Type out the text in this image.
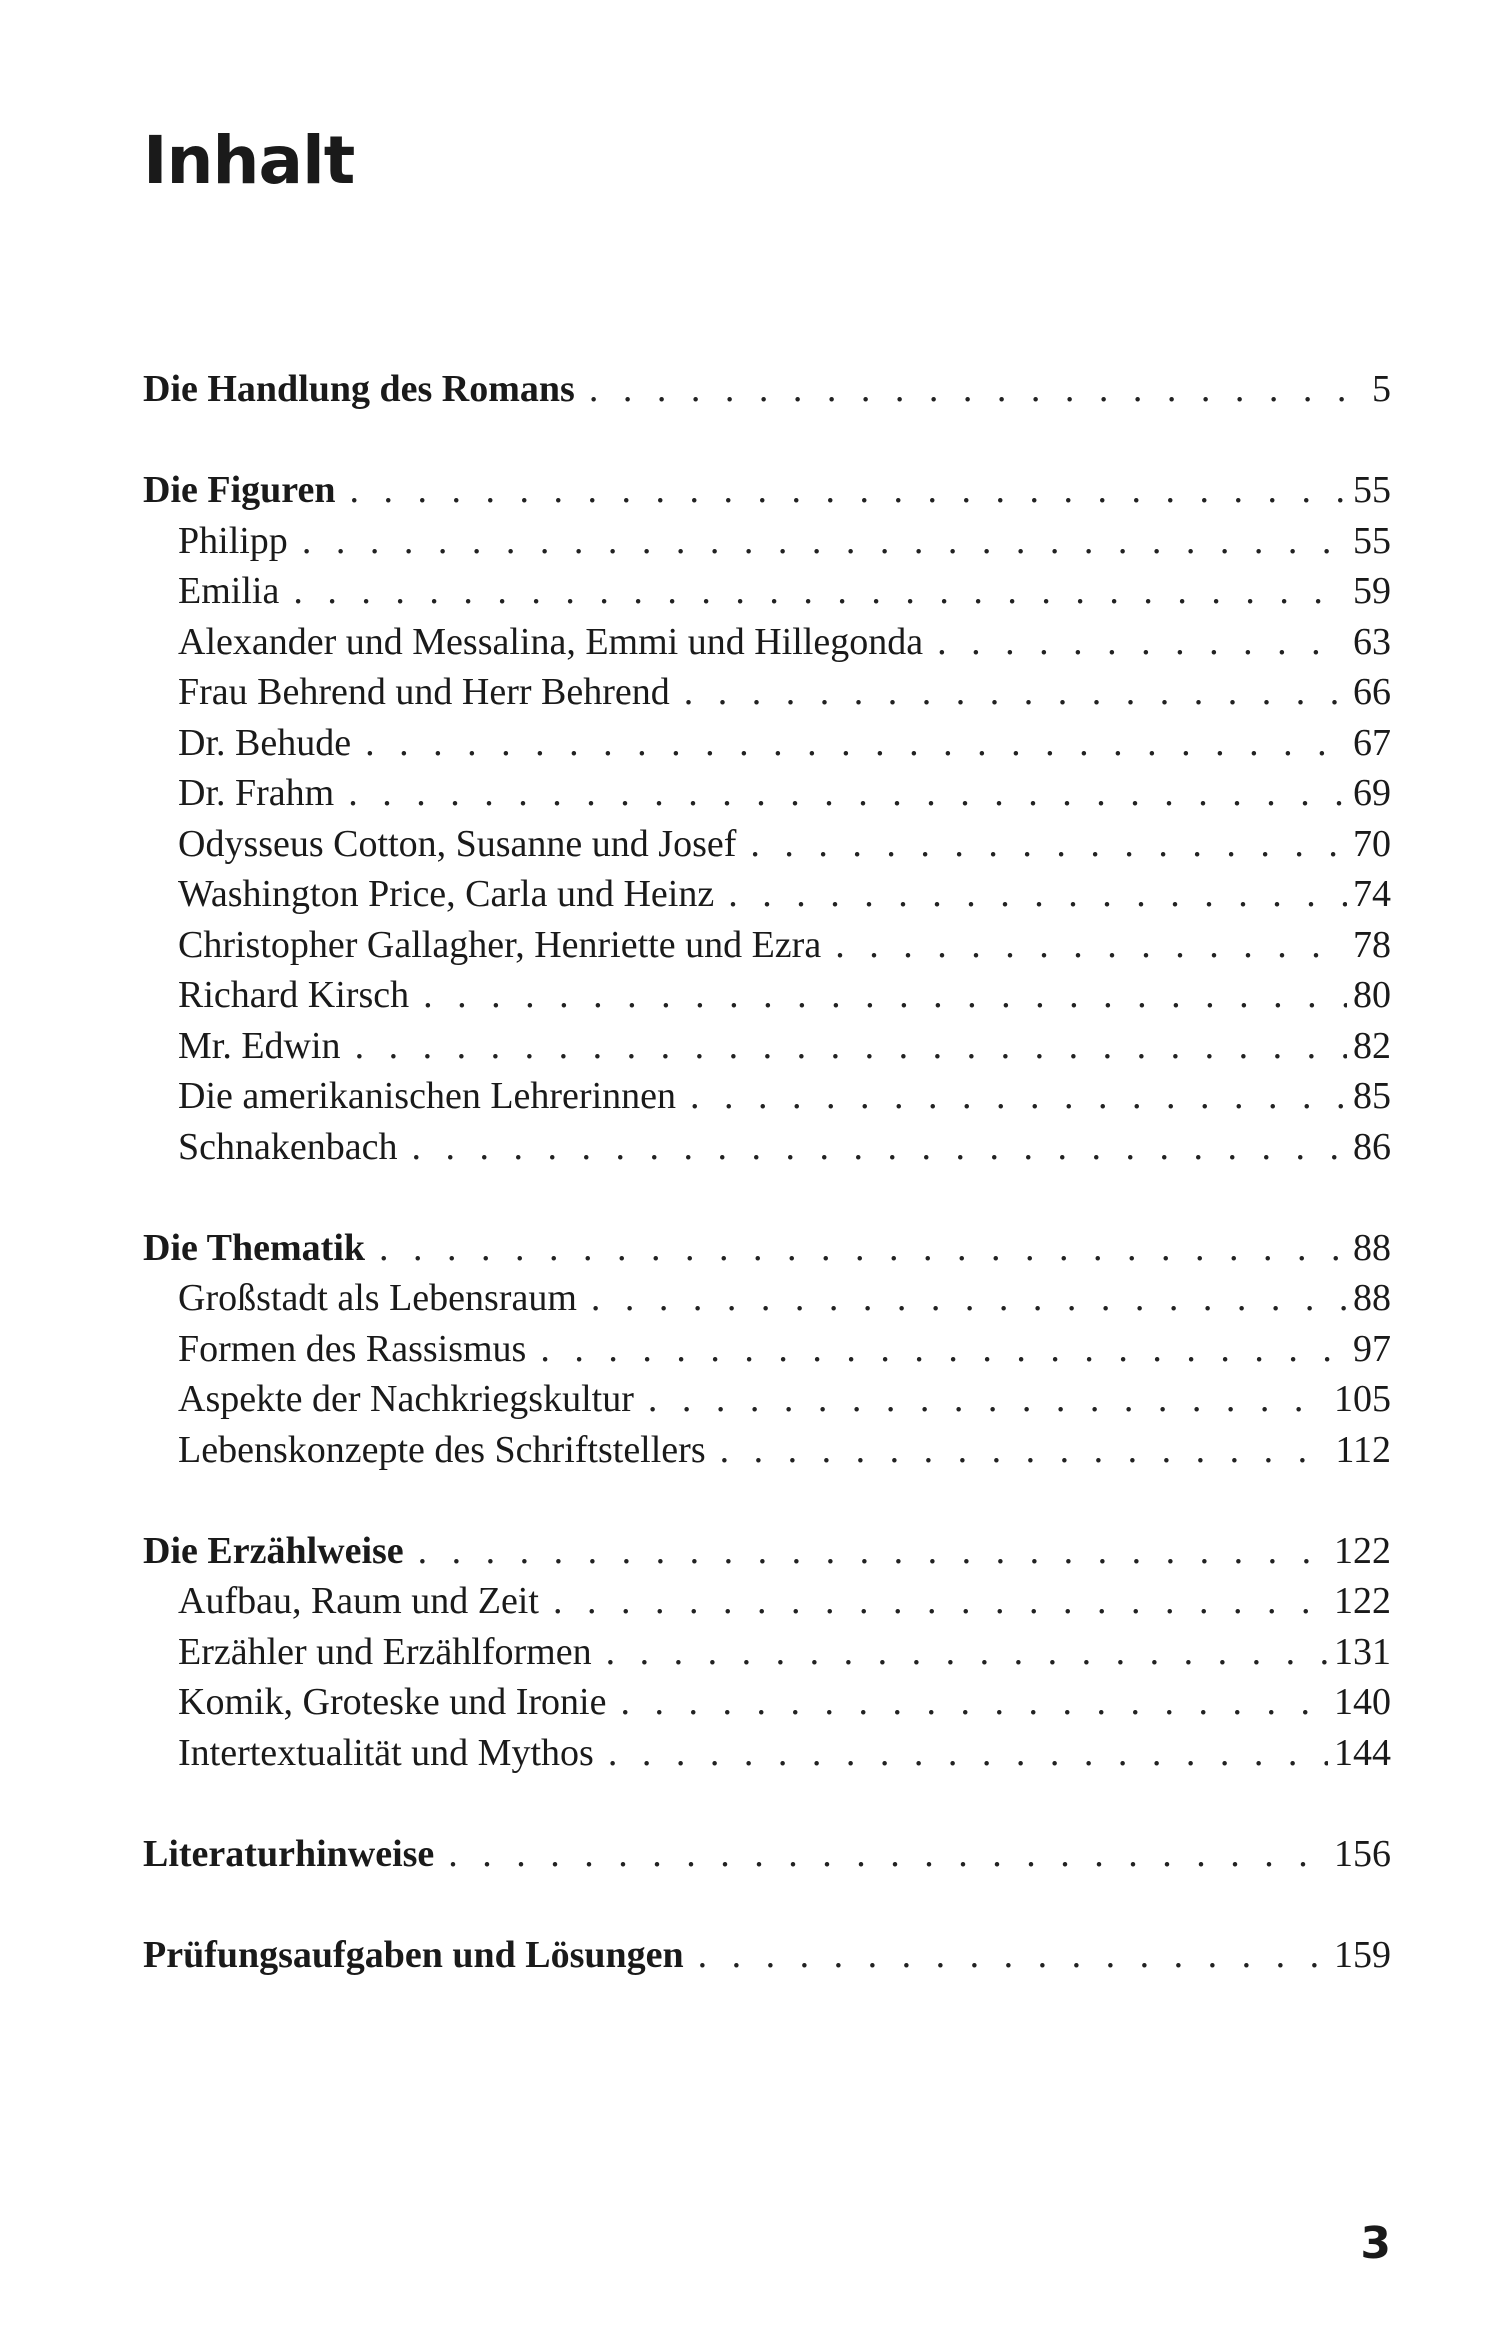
Inhalt
Die Handlung des Romans . . .	5
Die Figuren . . .	55
Philipp . . .	55
Emilia . . .	59
Alexander und Messalina, Emmi und Hillegonda . . .	63
Frau Behrend und Herr Behrend . . .	66
Dr. Behude . . .	67
Dr. Frahm . . .	69
Odysseus Cotton, Susanne und Josef . . .	70
Washington Price, Carla und Heinz . . .	74
Christopher Gallagher, Henriette und Ezra . . .	78
Richard Kirsch . . .	80
Mr. Edwin . . .	82
Die amerikanischen Lehrerinnen . . .	85
Schnakenbach . . .	86
Die Thematik . . .	88
Großstadt als Lebensraum . . .	88
Formen des Rassismus . . .	97
Aspekte der Nachkriegskultur . . .	105
Lebenskonzepte des Schriftstellers . . .	112
Die Erzählweise . . .	122
Aufbau, Raum und Zeit . . .	122
Erzähler und Erzählformen . . .	131
Komik, Groteske und Ironie . . .	140
Intertextualität und Mythos . . .	144
Literaturhinweise . . .	156
Prüfungsaufgaben und Lösungen . . .	159
3
